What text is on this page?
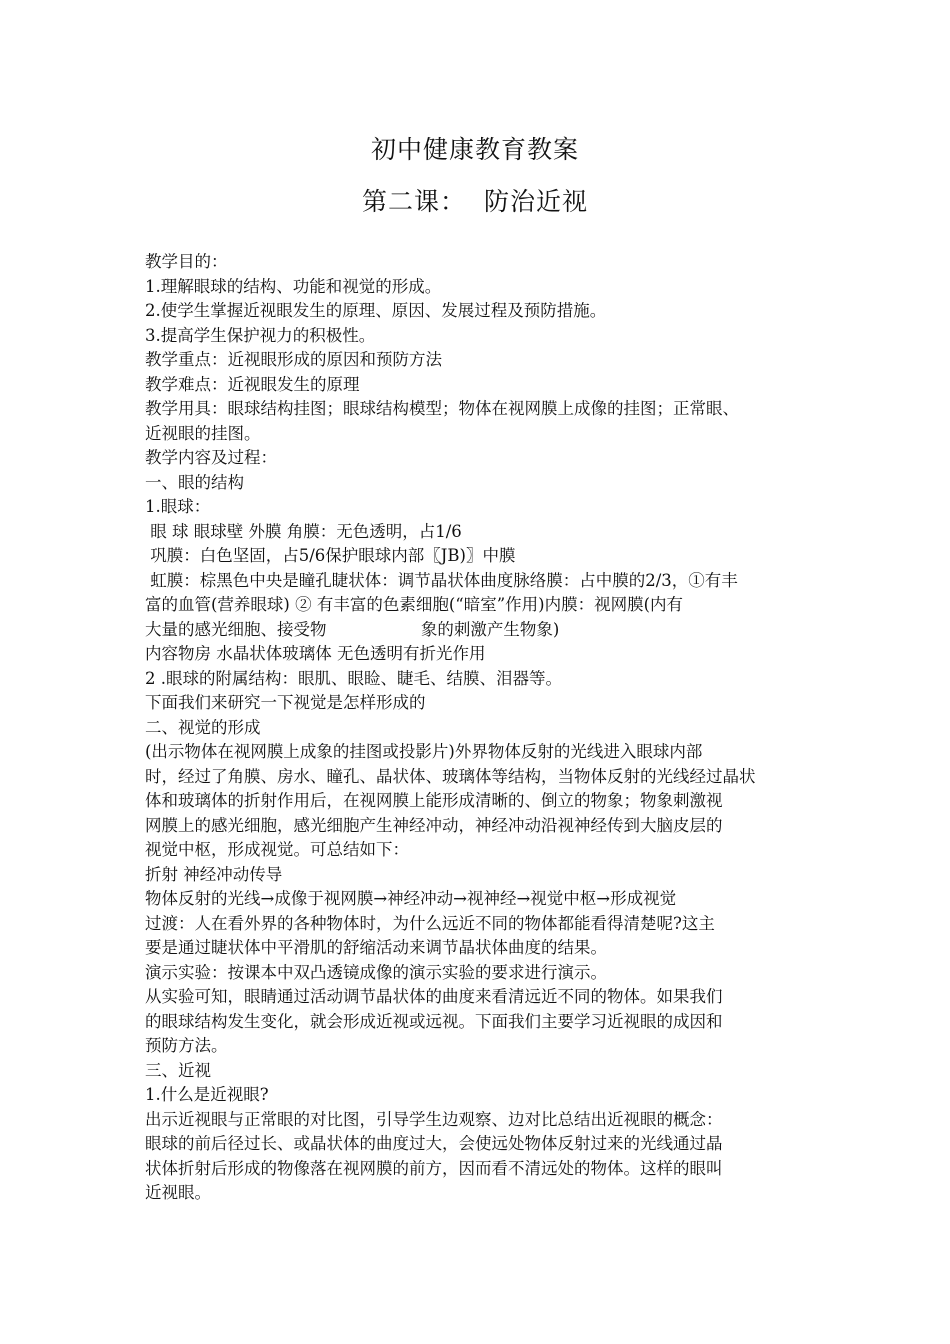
初中健康教育教案
第二课：  防治近视
教学目的：
1.理解眼球的结构、功能和视觉的形成。
2.使学生掌握近视眼发生的原理、原因、发展过程及预防措施。
3.提高学生保护视力的积极性。
教学重点：近视眼形成的原因和预防方法
教学难点：近视眼发生的原理
教学用具：眼球结构挂图；眼球结构模型；物体在视网膜上成像的挂图；正常眼、
近视眼的挂图。
教学内容及过程：
一、眼的结构
1.眼球：
眼 球 眼球壁 外膜 角膜：无色透明，占1/6
巩膜：白色坚固，占5/6保护眼球内部〖JB)〗中膜
虹膜：棕黑色中央是瞳孔睫状体：调节晶状体曲度脉络膜：占中膜的2/3，①有丰
富的血管(营养眼球) ② 有丰富的色素细胞(“暗室”作用)内膜：视网膜(内有
大量的感光细胞、接受物                  象的刺激产生物象)
内容物房 水晶状体玻璃体 无色透明有折光作用
2 .眼球的附属结构：眼肌、眼睑、睫毛、结膜、泪器等。
下面我们来研究一下视觉是怎样形成的
二、视觉的形成
(出示物体在视网膜上成象的挂图或投影片)外界物体反射的光线进入眼球内部
时，经过了角膜、房水、瞳孔、晶状体、玻璃体等结构，当物体反射的光线经过晶状
体和玻璃体的折射作用后，在视网膜上能形成清晰的、倒立的物象；物象刺激视
网膜上的感光细胞，感光细胞产生神经冲动，神经冲动沿视神经传到大脑皮层的
视觉中枢，形成视觉。可总结如下：
折射 神经冲动传导
物体反射的光线→成像于视网膜→神经冲动→视神经→视觉中枢→形成视觉
过渡：人在看外界的各种物体时，为什么远近不同的物体都能看得清楚呢?这主
要是通过睫状体中平滑肌的舒缩活动来调节晶状体曲度的结果。
演示实验：按课本中双凸透镜成像的演示实验的要求进行演示。
从实验可知，眼睛通过活动调节晶状体的曲度来看清远近不同的物体。如果我们
的眼球结构发生变化，就会形成近视或远视。下面我们主要学习近视眼的成因和
预防方法。
三、近视
1.什么是近视眼?
出示近视眼与正常眼的对比图，引导学生边观察、边对比总结出近视眼的概念：
眼球的前后径过长、或晶状体的曲度过大，会使远处物体反射过来的光线通过晶
状体折射后形成的物像落在视网膜的前方，因而看不清远处的物体。这样的眼叫
近视眼。
